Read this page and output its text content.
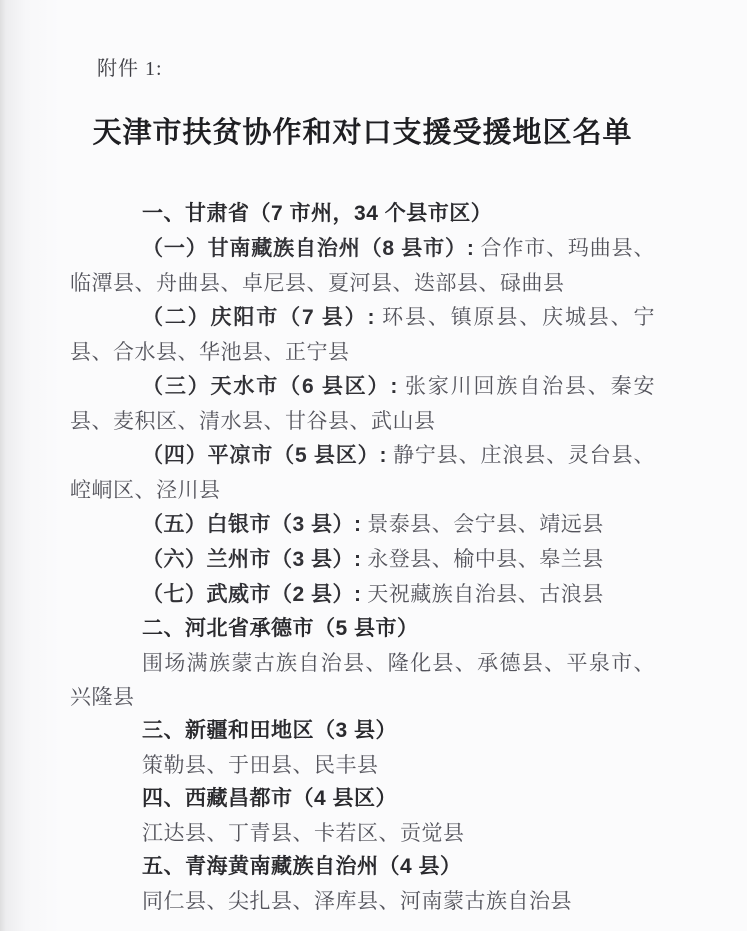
附件 1:
天津市扶贫协作和对口支援受援地区名单

一、甘肃省（7 市州，34 个县市区）

（一）甘南藏族自治州（8 县市）: 合作市、玛曲县、临潭县、舟曲县、卓尼县、夏河县、迭部县、碌曲县

（二）庆阳市（7 县）: 环县、镇原县、庆城县、宁县、合水县、华池县、正宁县

（三）天水市（6 县区）: 张家川回族自治县、秦安县、麦积区、清水县、甘谷县、武山县

（四）平凉市（5 县区）: 静宁县、庄浪县、灵台县、崆峒区、泾川县

（五）白银市（3 县）: 景泰县、会宁县、靖远县

（六）兰州市（3 县）: 永登县、榆中县、皋兰县

（七）武威市（2 县）: 天祝藏族自治县、古浪县

二、河北省承德市（5 县市）

围场满族蒙古族自治县、隆化县、承德县、平泉市、兴隆县

三、新疆和田地区（3 县）

策勒县、于田县、民丰县

四、西藏昌都市（4 县区）

江达县、丁青县、卡若区、贡觉县

五、青海黄南藏族自治州（4 县）

同仁县、尖扎县、泽库县、河南蒙古族自治县
